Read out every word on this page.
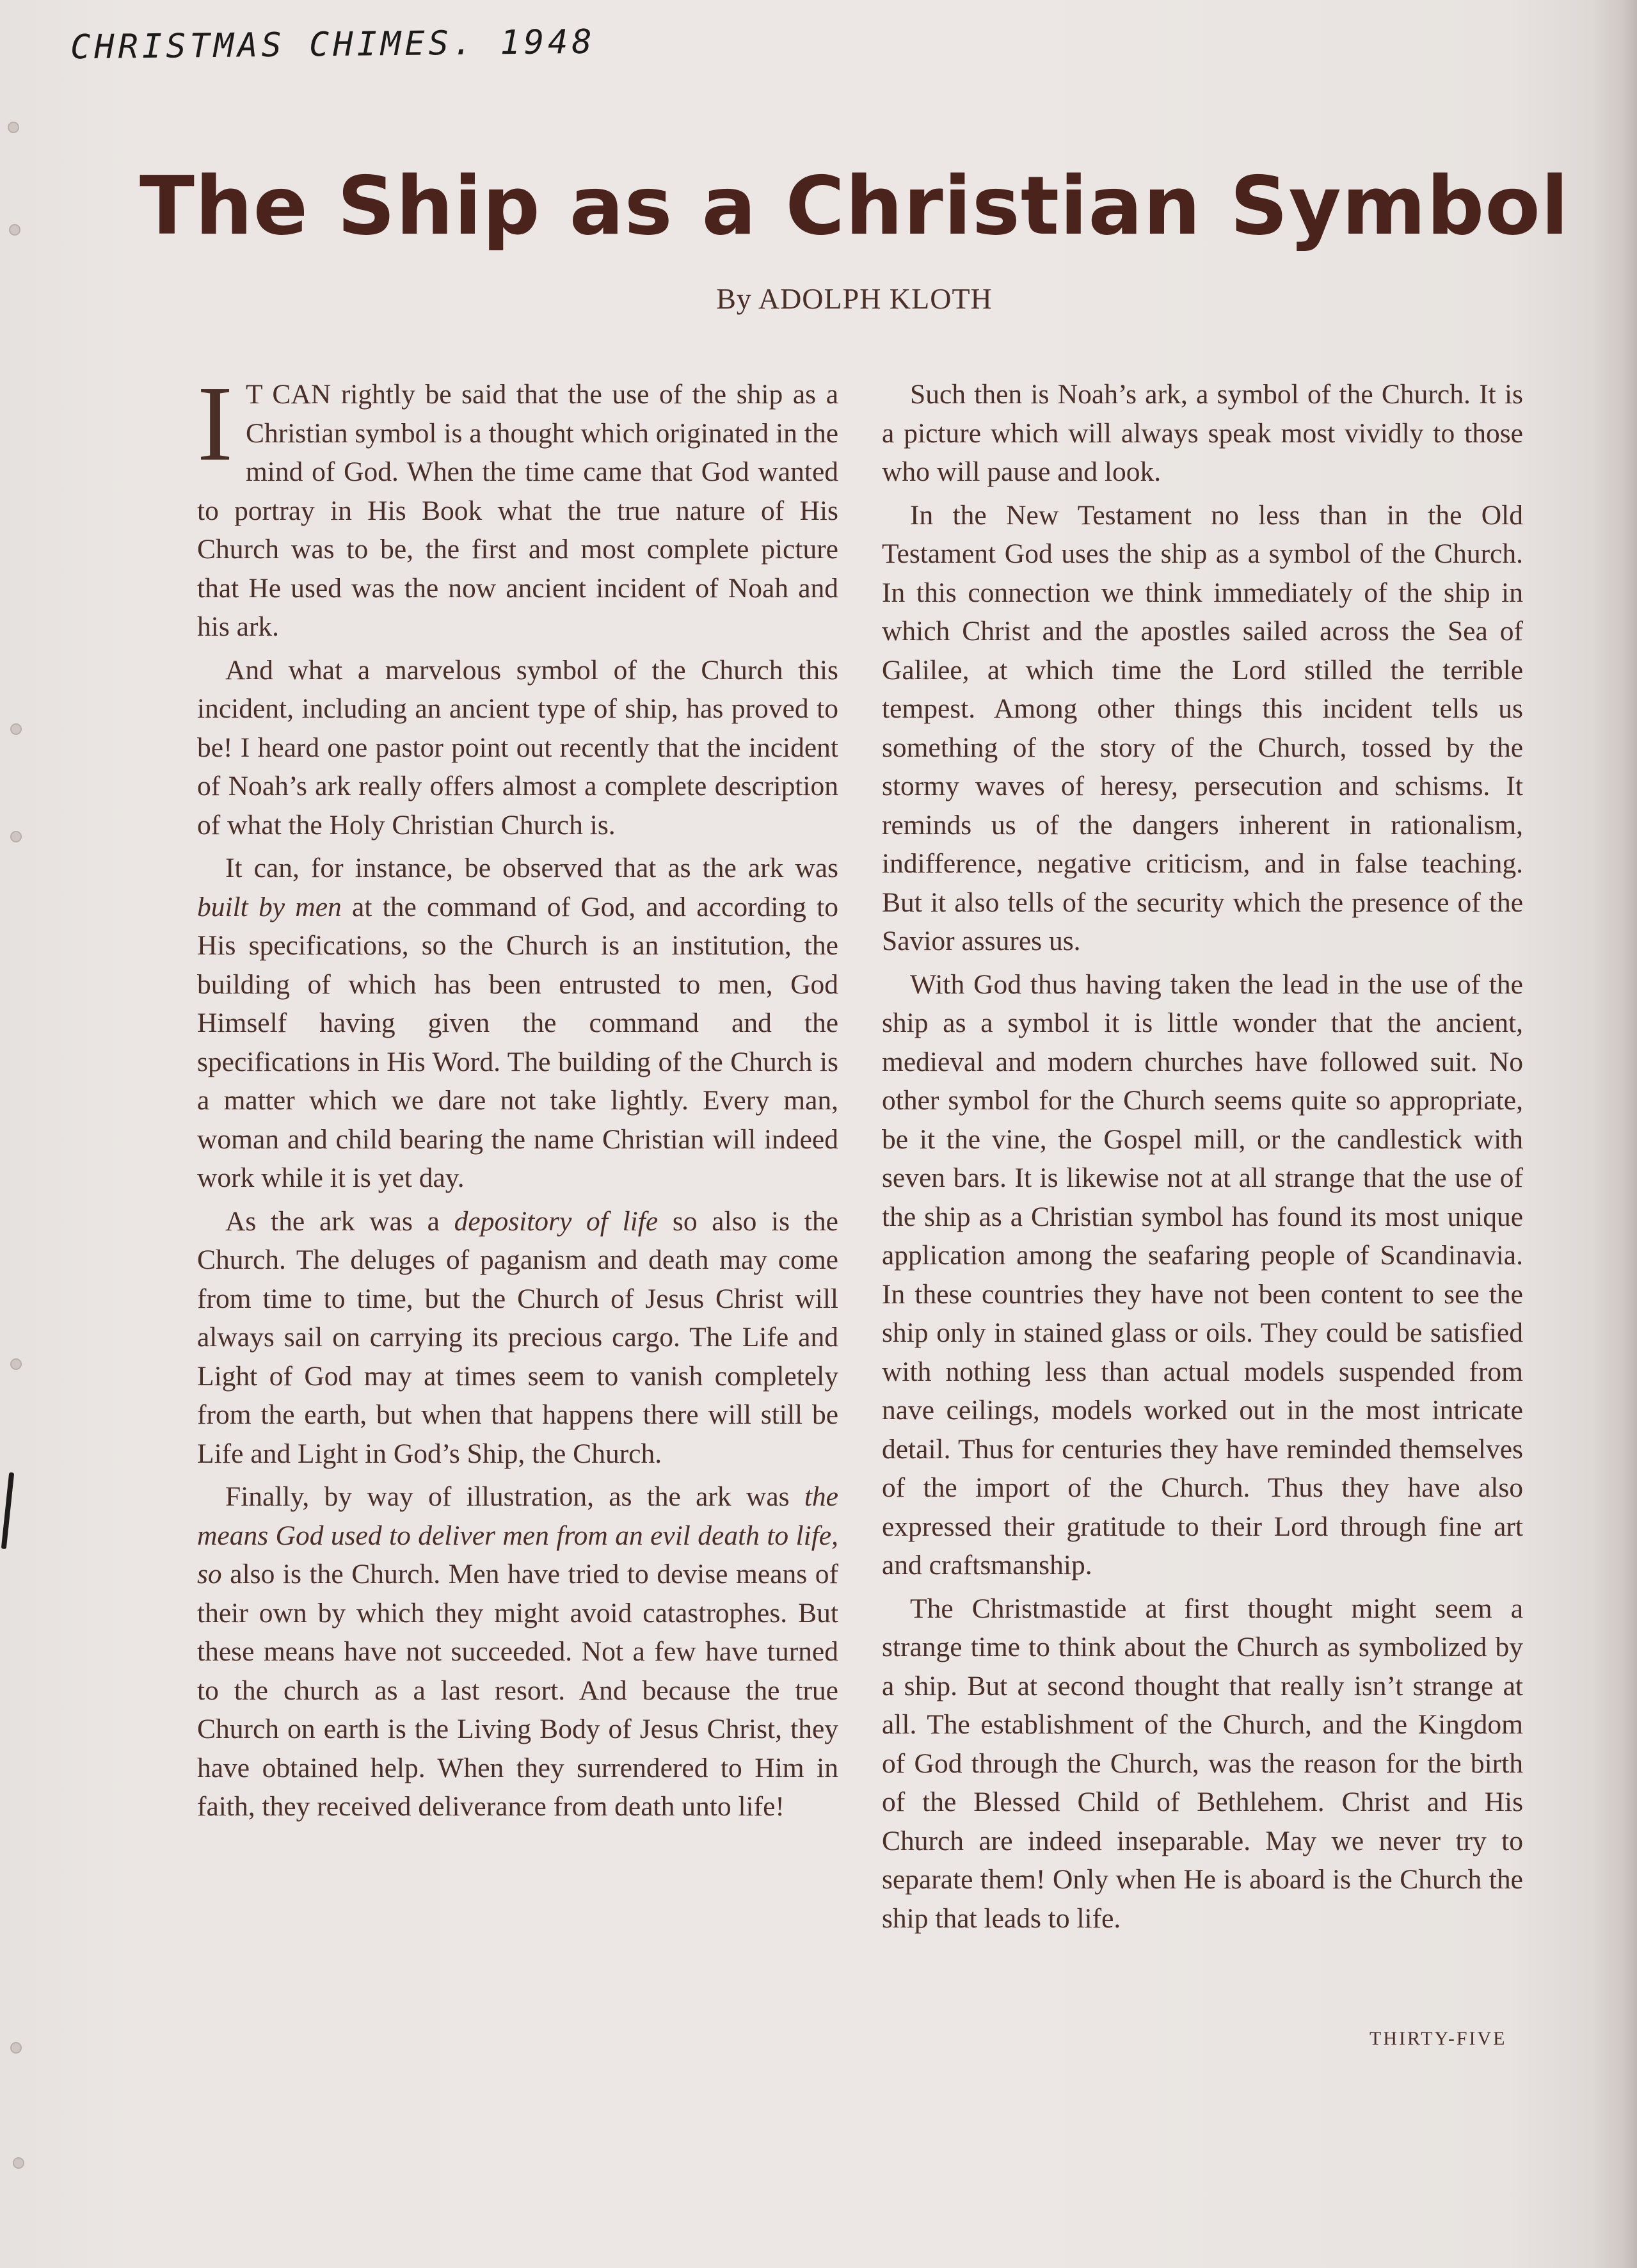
CHRISTMAS CHIMES. 1948
The Ship as a Christian Symbol
By ADOLPH KLOTH

I T CAN rightly be said that the use of the ship as a Christian symbol is a thought which originated in the mind of God. When the time came that God wanted to portray in His Book what the true nature of His Church was to be, the first and most complete picture that He used was the now ancient incident of Noah and his ark.

And what a marvelous symbol of the Church this incident, including an ancient type of ship, has proved to be! I heard one pastor point out recently that the incident of Noah’s ark really offers almost a complete description of what the Holy Christian Church is.

It can, for instance, be observed that as the ark was built by men at the command of God, and according to His specifications, so the Church is an institution, the building of which has been entrusted to men, God Himself having given the command and the specifications in His Word. The building of the Church is a matter which we dare not take lightly. Every man, woman and child bearing the name Christian will indeed work while it is yet day.

As the ark was a depository of life so also is the Church. The deluges of paganism and death may come from time to time, but the Church of Jesus Christ will always sail on carrying its precious cargo. The Life and Light of God may at times seem to vanish completely from the earth, but when that happens there will still be Life and Light in God’s Ship, the Church.

Finally, by way of illustration, as the ark was the means God used to deliver men from an evil death to life, so also is the Church. Men have tried to devise means of their own by which they might avoid catastrophes. But these means have not succeeded. Not a few have turned to the church as a last resort. And because the true Church on earth is the Living Body of Jesus Christ, they have obtained help. When they surrendered to Him in faith, they received deliverance from death unto life!

Such then is Noah’s ark, a symbol of the Church. It is a picture which will always speak most vividly to those who will pause and look.

In the New Testament no less than in the Old Testament God uses the ship as a symbol of the Church. In this connection we think immediately of the ship in which Christ and the apostles sailed across the Sea of Galilee, at which time the Lord stilled the terrible tempest. Among other things this incident tells us something of the story of the Church, tossed by the stormy waves of heresy, persecution and schisms. It reminds us of the dangers inherent in rationalism, indifference, negative criticism, and in false teaching. But it also tells of the security which the presence of the Savior assures us.

With God thus having taken the lead in the use of the ship as a symbol it is little wonder that the ancient, medieval and modern churches have followed suit. No other symbol for the Church seems quite so appropriate, be it the vine, the Gospel mill, or the candlestick with seven bars. It is likewise not at all strange that the use of the ship as a Christian symbol has found its most unique application among the seafaring people of Scandinavia. In these countries they have not been content to see the ship only in stained glass or oils. They could be satisfied with nothing less than actual models suspended from nave ceilings, models worked out in the most intricate detail. Thus for centuries they have reminded themselves of the import of the Church. Thus they have also expressed their gratitude to their Lord through fine art and craftsmanship.

The Christmastide at first thought might seem a strange time to think about the Church as symbolized by a ship. But at second thought that really isn’t strange at all. The establishment of the Church, and the Kingdom of God through the Church, was the reason for the birth of the Blessed Child of Bethlehem. Christ and His Church are indeed inseparable. May we never try to separate them! Only when He is aboard is the Church the ship that leads to life.

THIRTY-FIVE
